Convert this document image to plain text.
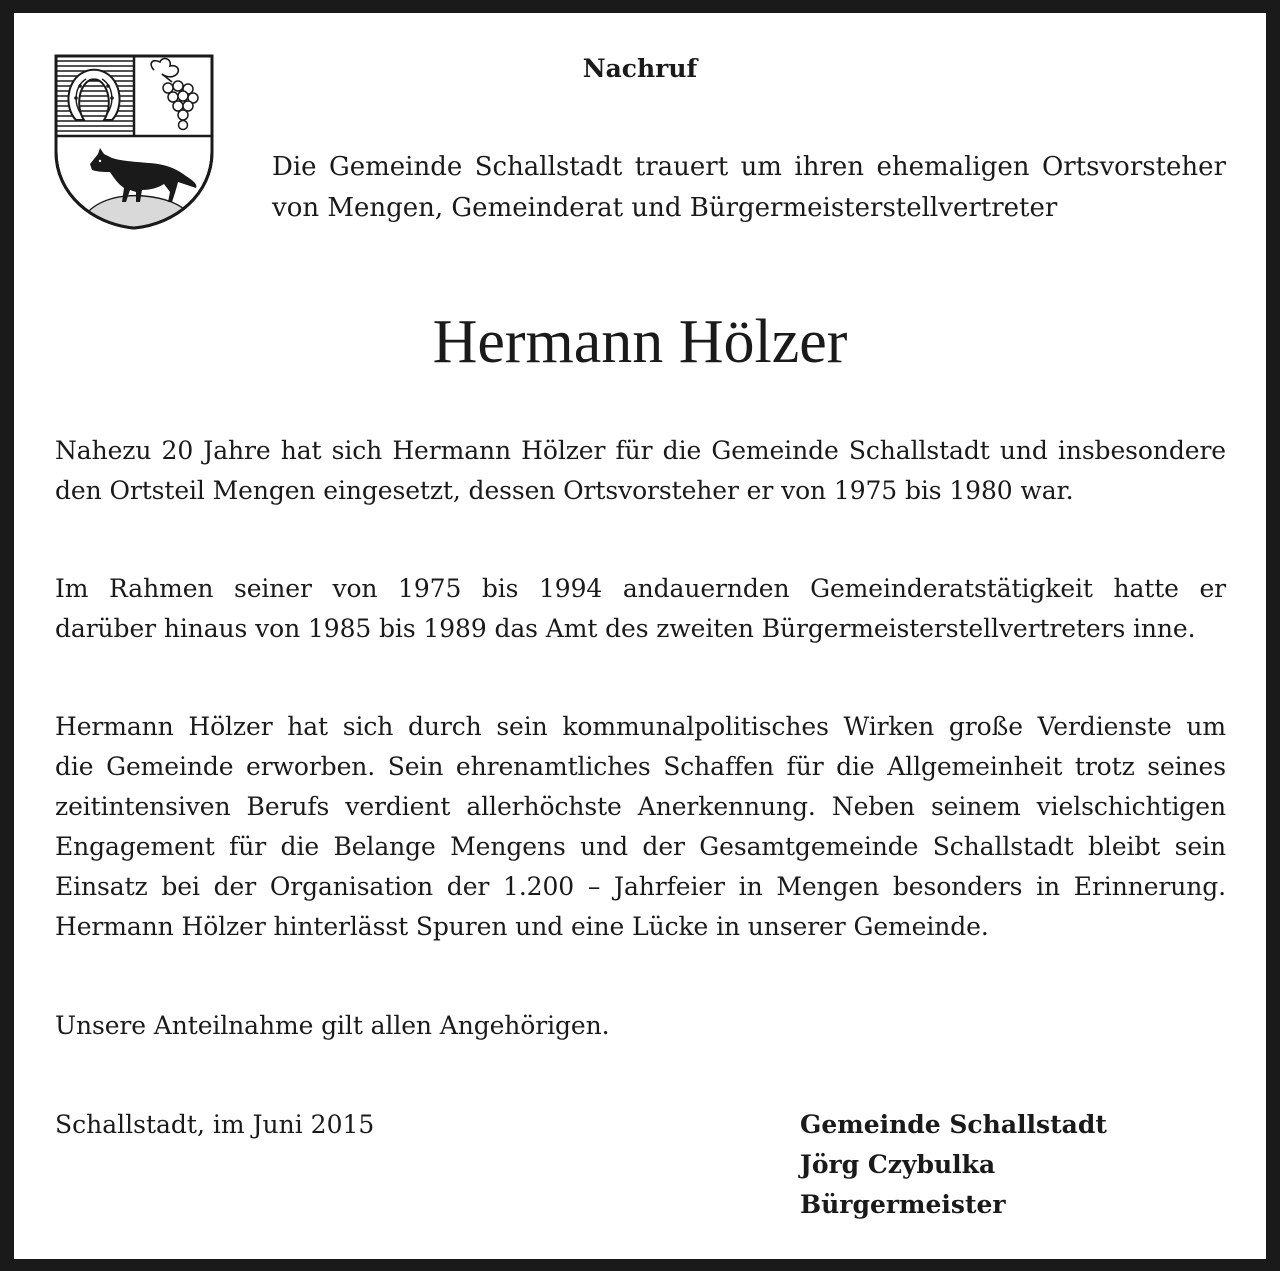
Nachruf
Die Gemeinde Schallstadt trauert um ihren ehemaligen Ortsvorsteher
von Mengen, Gemeinderat und Bürgermeisterstellvertreter
Hermann Hölzer
Nahezu 20 Jahre hat sich Hermann Hölzer für die Gemeinde Schallstadt und insbesondere
den Ortsteil Mengen eingesetzt, dessen Ortsvorsteher er von 1975 bis 1980 war.
Im Rahmen seiner von 1975 bis 1994 andauernden Gemeinderatstätigkeit hatte er
darüber hinaus von 1985 bis 1989 das Amt des zweiten Bürgermeisterstellvertreters inne.
Hermann Hölzer hat sich durch sein kommunalpolitisches Wirken große Verdienste um
die Gemeinde erworben. Sein ehrenamtliches Schaffen für die Allgemeinheit trotz seines
zeitintensiven Berufs verdient allerhöchste Anerkennung. Neben seinem vielschichtigen
Engagement für die Belange Mengens und der Gesamtgemeinde Schallstadt bleibt sein
Einsatz bei der Organisation der 1.200 – Jahrfeier in Mengen besonders in Erinnerung.
Hermann Hölzer hinterlässt Spuren und eine Lücke in unserer Gemeinde.
Unsere Anteilnahme gilt allen Angehörigen.
Schallstadt, im Juni 2015	Gemeinde Schallstadt
Jörg Czybulka
Bürgermeister
